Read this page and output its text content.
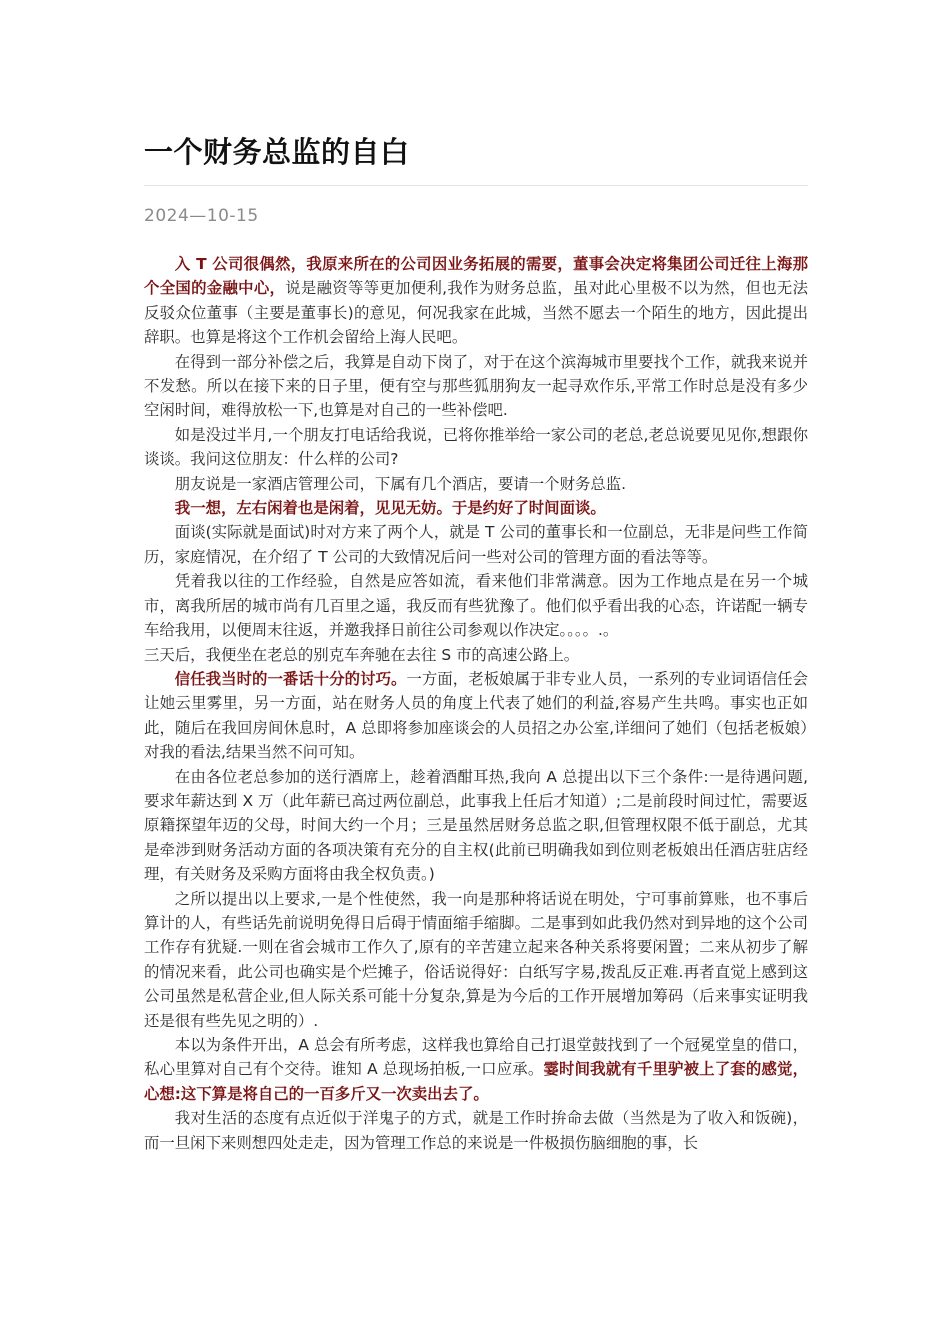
一个财务总监的自白
2024—10-15

入 T 公司很偶然，我原来所在的公司因业务拓展的需要，董事会决定将集团公司迁往上海那个全国的金融中心，说是融资等等更加便利,我作为财务总监，虽对此心里极不以为然，但也无法反驳众位董事（主要是董事长)的意见，何况我家在此城，当然不愿去一个陌生的地方，因此提出辞职。也算是将这个工作机会留给上海人民吧。

在得到一部分补偿之后，我算是自动下岗了，对于在这个滨海城市里要找个工作，就我来说并不发愁。所以在接下来的日子里，便有空与那些狐朋狗友一起寻欢作乐,平常工作时总是没有多少空闲时间，难得放松一下,也算是对自己的一些补偿吧.

如是没过半月,一个朋友打电话给我说，已将你推举给一家公司的老总,老总说要见见你,想跟你谈谈。我问这位朋友：什么样的公司?

朋友说是一家酒店管理公司，下属有几个酒店，要请一个财务总监.

我一想，左右闲着也是闲着，见见无妨。于是约好了时间面谈。

面谈(实际就是面试)时对方来了两个人，就是 T 公司的董事长和一位副总，无非是问些工作简历，家庭情况，在介绍了 T 公司的大致情况后问一些对公司的管理方面的看法等等。

凭着我以往的工作经验，自然是应答如流，看来他们非常满意。因为工作地点是在另一个城市，离我所居的城市尚有几百里之遥，我反而有些犹豫了。他们似乎看出我的心态，许诺配一辆专车给我用，以便周末往返，并邀我择日前往公司参观以作决定。。。。.。

三天后，我便坐在老总的别克车奔驰在去往 S 市的高速公路上。

信任我当时的一番话十分的讨巧。一方面，老板娘属于非专业人员，一系列的专业词语信任会让她云里雾里，另一方面，站在财务人员的角度上代表了她们的利益,容易产生共鸣。事实也正如此，随后在我回房间休息时，A 总即将参加座谈会的人员招之办公室,详细问了她们（包括老板娘）对我的看法,结果当然不问可知。

在由各位老总参加的送行酒席上，趁着酒酣耳热,我向 A 总提出以下三个条件:一是待遇问题,要求年薪达到 X 万（此年薪已高过两位副总，此事我上任后才知道）;二是前段时间过忙，需要返原籍探望年迈的父母，时间大约一个月；三是虽然居财务总监之职,但管理权限不低于副总，尤其是牵涉到财务活动方面的各项决策有充分的自主权(此前已明确我如到位则老板娘出任酒店驻店经理，有关财务及采购方面将由我全权负责。)

之所以提出以上要求,一是个性使然，我一向是那种将话说在明处，宁可事前算账，也不事后算计的人，有些话先前说明免得日后碍于情面缩手缩脚。二是事到如此我仍然对到异地的这个公司工作存有犹疑.一则在省会城市工作久了,原有的辛苦建立起来各种关系将要闲置；二来从初步了解的情况来看，此公司也确实是个烂摊子，俗话说得好：白纸写字易,拨乱反正难.再者直觉上感到这公司虽然是私营企业,但人际关系可能十分复杂,算是为今后的工作开展增加筹码（后来事实证明我还是很有些先见之明的）.

本以为条件开出，A 总会有所考虑，这样我也算给自己打退堂鼓找到了一个冠冕堂皇的借口，私心里算对自己有个交待。谁知 A 总现场拍板,一口应承。霎时间我就有千里驴被上了套的感觉，心想:这下算是将自己的一百多斤又一次卖出去了。

我对生活的态度有点近似于洋鬼子的方式，就是工作时拚命去做（当然是为了收入和饭碗)，而一旦闲下来则想四处走走，因为管理工作总的来说是一件极损伤脑细胞的事，长
